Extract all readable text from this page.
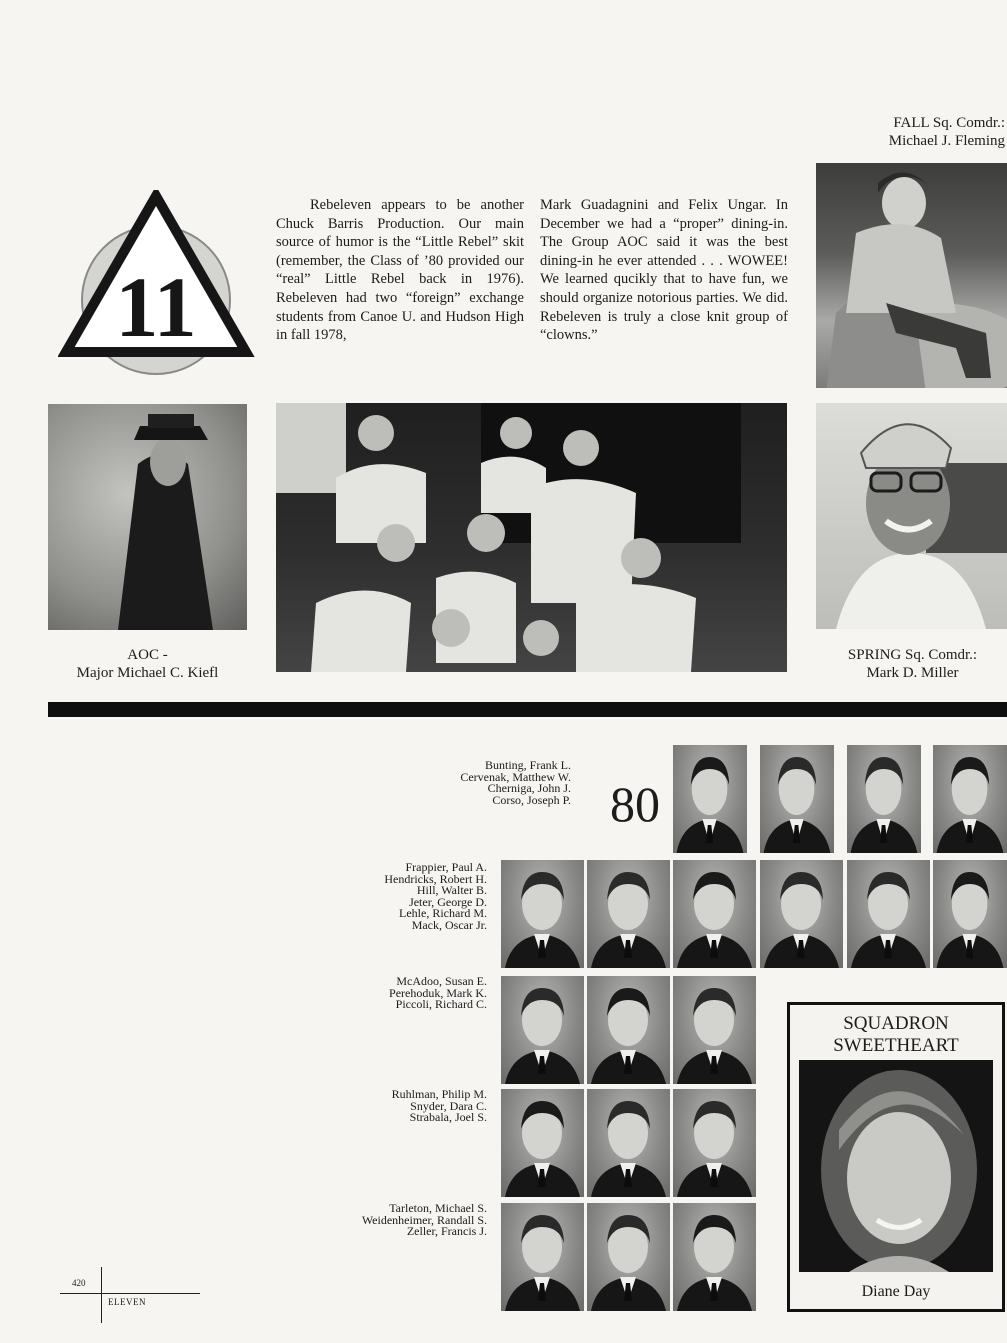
FALL Sq. Comdr.:
Michael J. Fleming
11
Rebeleven appears to be another Chuck Barris Production. Our main source of humor is the “Little Rebel” skit (remember, the Class of ’80 provided our “real” Little Rebel back in 1976). Rebeleven had two “foreign” exchange students from Canoe U. and Hudson High in fall 1978,
Mark Guadagnini and Felix Ungar. In December we had a “proper” dining-in. The Group AOC said it was the best dining-in he ever attended . . . WOWEE! We learned qucikly that to have fun, we should organize notorious parties. We did. Rebeleven is truly a close knit group of “clowns.”
AOC -
Major Michael C. Kiefl
SPRING Sq. Comdr.:
Mark D. Miller
80
Bunting, Frank L.
Cervenak, Matthew W.
Cherniga, John J.
Corso, Joseph P.
Frappier, Paul A.
Hendricks, Robert H.
Hill, Walter B.
Jeter, George D.
Lehle, Richard M.
Mack, Oscar Jr.
McAdoo, Susan E.
Perehoduk, Mark K.
Piccoli, Richard C.
Ruhlman, Philip M.
Snyder, Dara C.
Strabala, Joel S.
Tarleton, Michael S.
Weidenheimer, Randall S.
Zeller, Francis J.
SQUADRON
SWEETHEART
Diane Day
420
ELEVEN
